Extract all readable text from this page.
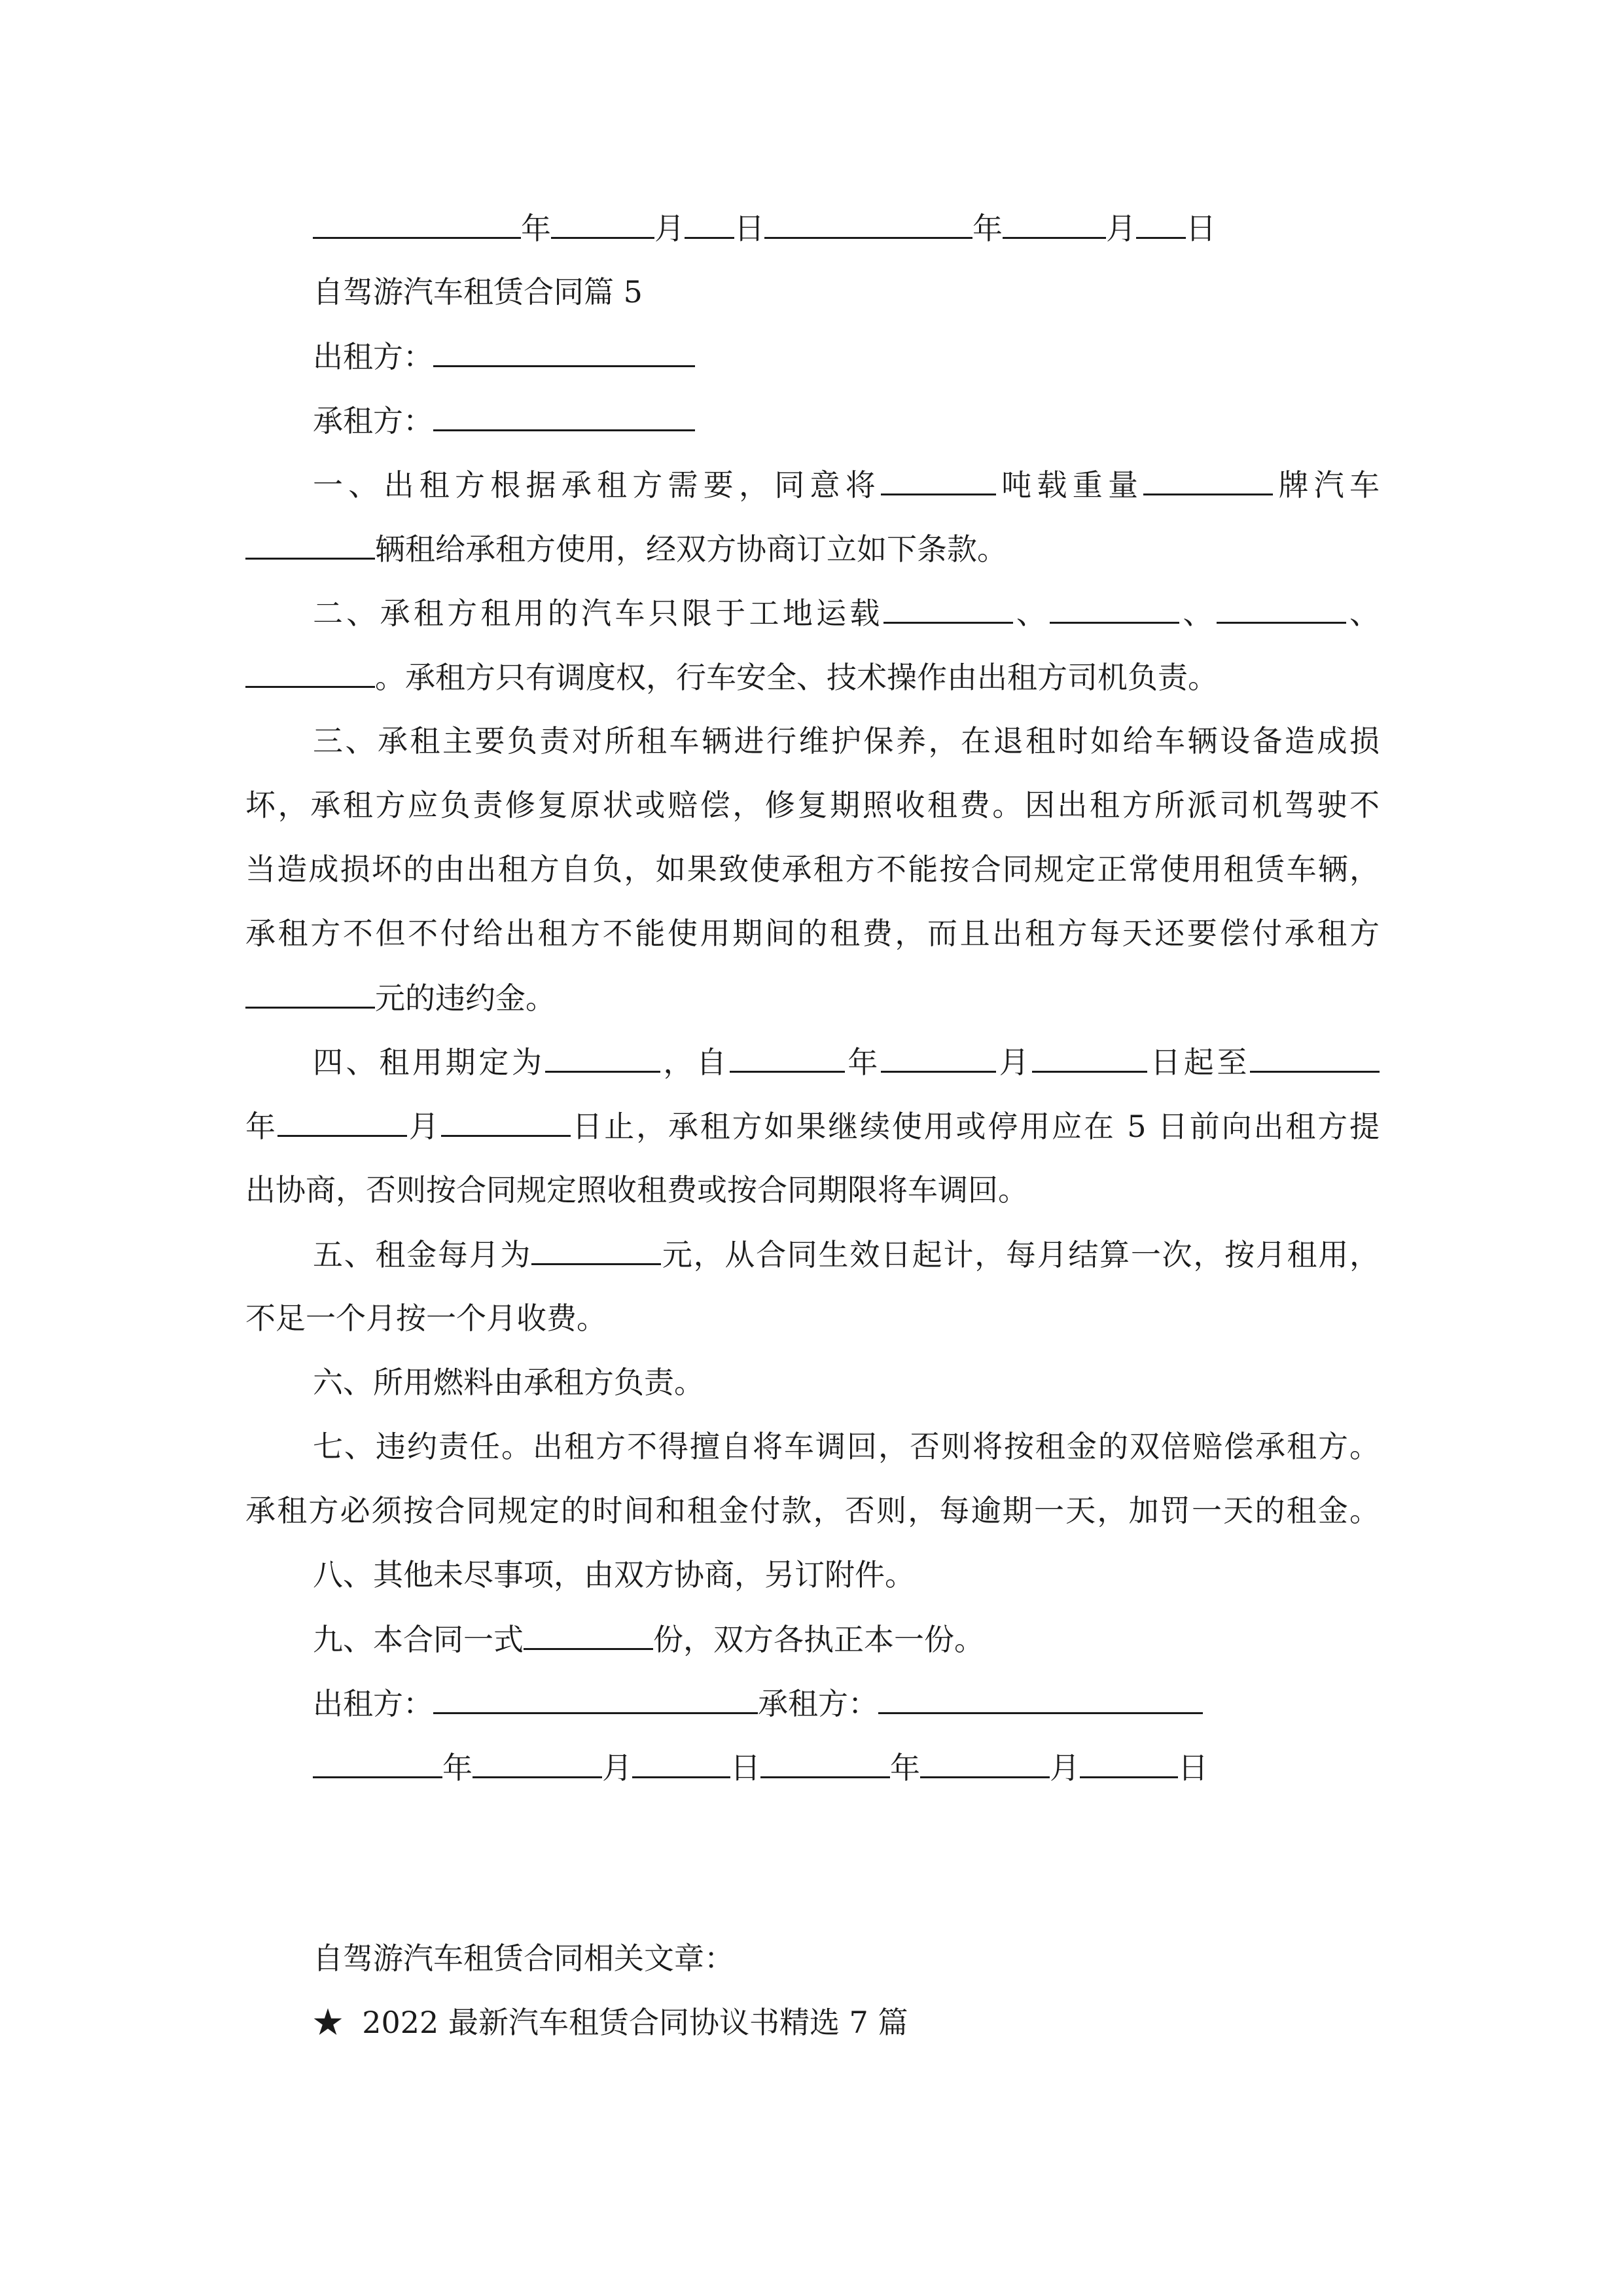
年	月 日	年	月 日
自驾游汽车租赁合同篇 5
出租方：
承租方：
一、出租方根据承租方需要，同意将	吨载重量	牌汽车
辆租给承租方使用，经双方协商订立如下条款。
二、承租方租用的汽车只限于工地运载	、	、	、
。承租方只有调度权，行车安全、技术操作由出租方司机负责。
三、承租主要负责对所租车辆进行维护保养，在退租时如给车辆设备造成损
坏，承租方应负责修复原状或赔偿，修复期照收租费。因出租方所派司机驾驶不
当造成损坏的由出租方自负，如果致使承租方不能按合同规定正常使用租赁车辆，
承租方不但不付给出租方不能使用期间的租费，而且出租方每天还要偿付承租方
元的违约金。
四、租用期定为	，自	年	月	日起至
年	月	日止，承租方如果继续使用或停用应在 5 日前向出租方提
出协商，否则按合同规定照收租费或按合同期限将车调回。
五、租金每月为	元，从合同生效日起计，每月结算一次，按月租用，
不足一个月按一个月收费。
六、所用燃料由承租方负责。
七、违约责任。出租方不得擅自将车调回，否则将按租金的双倍赔偿承租方。
承租方必须按合同规定的时间和租金付款，否则，每逾期一天，加罚一天的租金。
八、其他未尽事项，由双方协商，另订附件。
九、本合同一式	份，双方各执正本一份。
出租方：	承租方：
年	月	日	年	月	日
自驾游汽车租赁合同相关文章：
★ 2022 最新汽车租赁合同协议书精选 7 篇
